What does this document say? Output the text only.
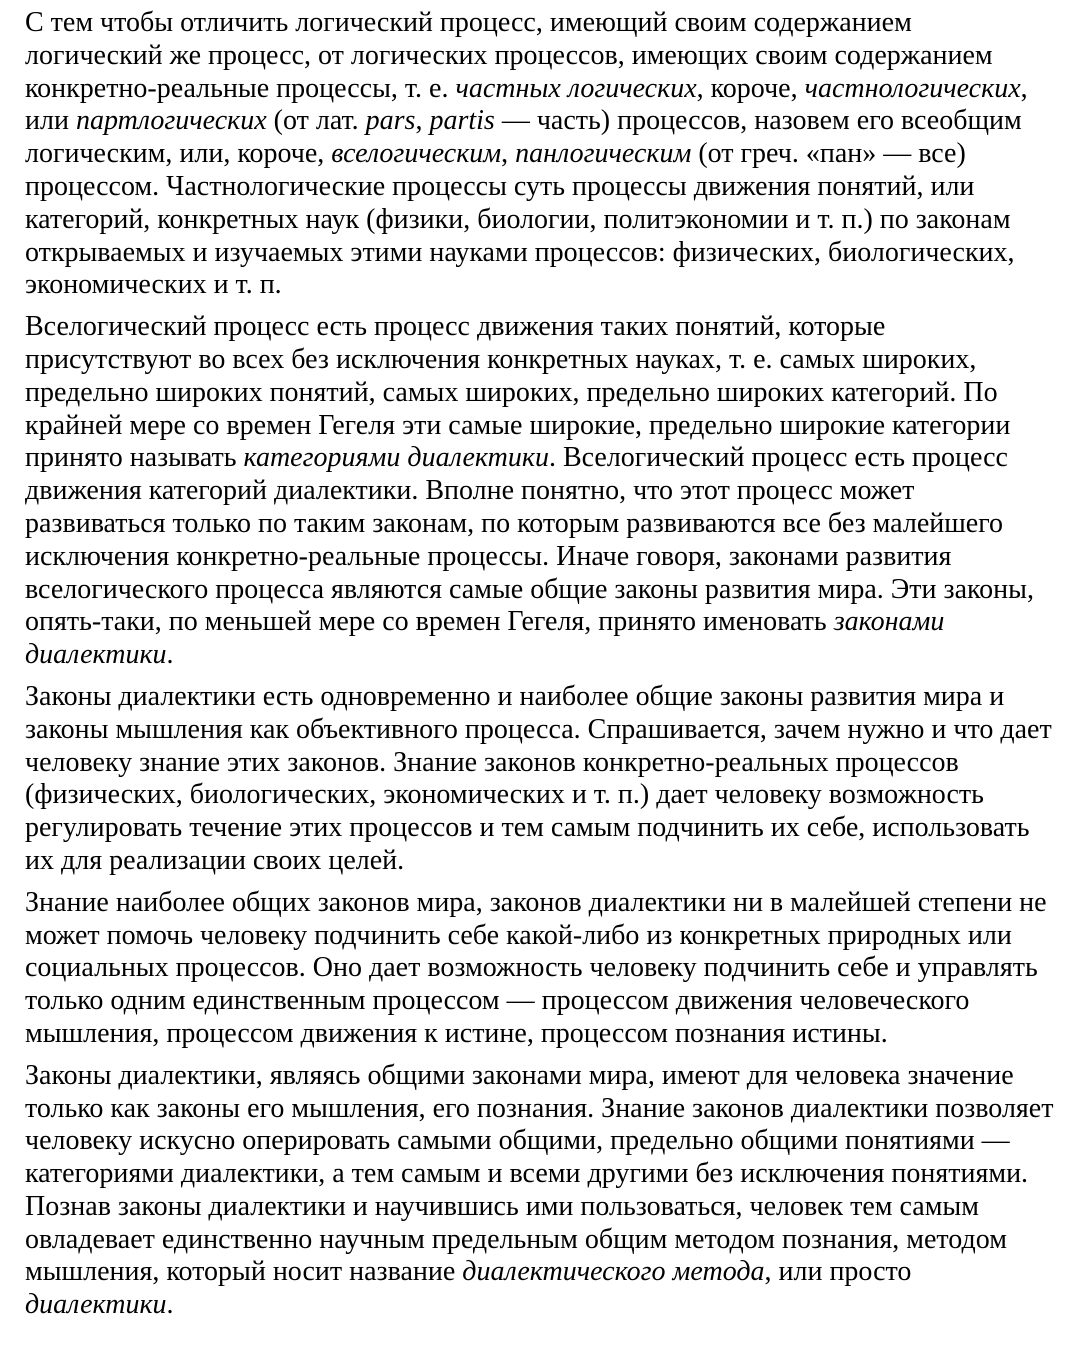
С тем чтобы отличить логический процесс, имеющий своим содержанием логический же процесс, от логических процессов, имеющих своим содержанием конкретно-реальные процессы, т. е. частных логических, короче, частнологических, или партлогических (от лат. pars, partis — часть) процессов, назовем его всеобщим логическим, или, короче, вселогическим, панлогическим (от греч. «пан» — все) процессом. Частнологические процессы суть процессы движения понятий, или категорий, конкретных наук (физики, биологии, политэкономии и т. п.) по законам открываемых и изучаемых этими науками процессов: физических, биологических, экономических и т. п.

Вселогический процесс есть процесс движения таких понятий, которые присутствуют во всех без исключения конкретных науках, т. е. самых широких, предельно широких понятий, самых широких, предельно широких категорий. По крайней мере со времен Гегеля эти самые широкие, предельно широкие категории принято называть категориями диалектики. Вселогический процесс есть процесс движения категорий диалектики. Вполне понятно, что этот процесс может развиваться только по таким законам, по которым развиваются все без малейшего исключения конкретно-реальные процессы. Иначе говоря, законами развития вселогического процесса являются самые общие законы развития мира. Эти законы, опять-таки, по меньшей мере со времен Гегеля, принято именовать законами диалектики.

Законы диалектики есть одновременно и наиболее общие законы развития мира и законы мышления как объективного процесса. Спрашивается, зачем нужно и что дает человеку знание этих законов. Знание законов конкретно-реальных процессов (физических, биологических, экономических и т. п.) дает человеку возможность регулировать течение этих процессов и тем самым подчинить их себе, использовать их для реализации своих целей.

Знание наиболее общих законов мира, законов диалектики ни в малейшей степени не может помочь человеку подчинить себе какой-либо из конкретных природных или социальных процессов. Оно дает возможность человеку подчинить себе и управлять только одним единственным процессом — процессом движения человеческого мышления, процессом движения к истине, процессом познания истины.

Законы диалектики, являясь общими законами мира, имеют для человека значение только как законы его мышления, его познания. Знание законов диалектики позволяет человеку искусно оперировать самыми общими, предельно общими понятиями — категориями диалектики, а тем самым и всеми другими без исключения понятиями. Познав законы диалектики и научившись ими пользоваться, человек тем самым овладевает единственно научным предельным общим методом познания, методом мышления, который носит название диалектического метода, или просто диалектики.
